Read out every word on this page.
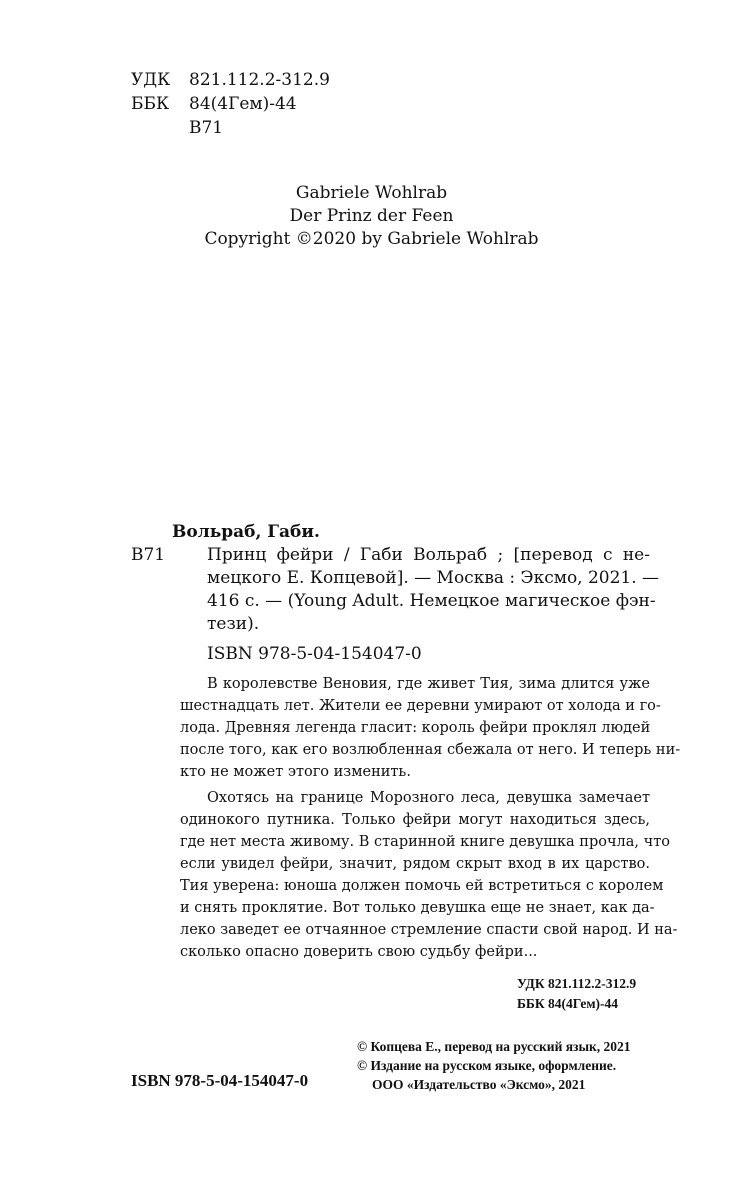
УДК 821.112.2-312.9
ББК 84(4Гем)-44
В71
Gabriele Wohlrab
Der Prinz der Feen
Copyright ©2020 by Gabriele Wohlrab
Вольраб, Габи.
В71 Принц фейри / Габи Вольраб ; [перевод с не-
мецкого Е. Копцевой]. — Москва : Эксмо, 2021. —
416 с. — (Young Adult. Немецкое магическое фэн-
тези).
ISBN 978-5-04-154047-0
В королевстве Веновия, где живет Тия, зима длится уже
шестнадцать лет. Жители ее деревни умирают от холода и го-
лода. Древняя легенда гласит: король фейри проклял людей
после того, как его возлюбленная сбежала от него. И теперь ни-
кто не может этого изменить.
Охотясь на границе Морозного леса, девушка замечает
одинокого путника. Только фейри могут находиться здесь,
где нет места живому. В старинной книге девушка прочла, что
если увидел фейри, значит, рядом скрыт вход в их царство.
Тия уверена: юноша должен помочь ей встретиться с королем
и снять проклятие. Вот только девушка еще не знает, как да-
леко заведет ее отчаянное стремление спасти свой народ. И на-
сколько опасно доверить свою судьбу фейри...
УДК 821.112.2-312.9
ББК 84(4Гем)-44
© Копцева Е., перевод на русский язык, 2021
© Издание на русском языке, оформление.
ООО «Издательство «Эксмо», 2021
ISBN 978-5-04-154047-0
